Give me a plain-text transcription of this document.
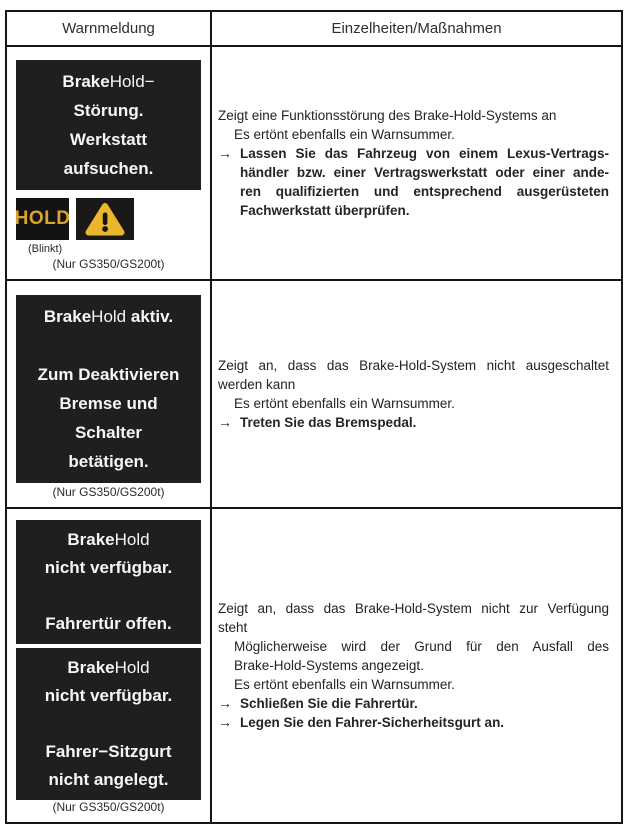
Warnmeldung	Einzelheiten/Maßnahmen
BrakeHold−
Störung.
Werkstatt
aufsuchen.
HOLD
(Blinkt)
(Nur GS350/GS200t)
Zeigt eine Funktionsstörung des Brake-Hold-Systems an
Es ertönt ebenfalls ein Warnsummer.
→ Lassen Sie das Fahrzeug von einem Lexus-Vertrags-
händler bzw. einer Vertragswerkstatt oder einer ande-
ren qualifizierten und entsprechend ausgerüsteten
Fachwerkstatt überprüfen.
BrakeHold aktiv.
Zum Deaktivieren
Bremse und
Schalter
betätigen.
(Nur GS350/GS200t)
Zeigt an, dass das Brake-Hold-System nicht ausgeschaltet
werden kann
Es ertönt ebenfalls ein Warnsummer.
→ Treten Sie das Bremspedal.
BrakeHold
nicht verfügbar.
Fahrertür offen.
BrakeHold
nicht verfügbar.
Fahrer−Sitzgurt
nicht angelegt.
(Nur GS350/GS200t)
Zeigt an, dass das Brake-Hold-System nicht zur Verfügung
steht
Möglicherweise wird der Grund für den Ausfall des
Brake-Hold-Systems angezeigt.
Es ertönt ebenfalls ein Warnsummer.
→ Schließen Sie die Fahrertür.
→ Legen Sie den Fahrer-Sicherheitsgurt an.
